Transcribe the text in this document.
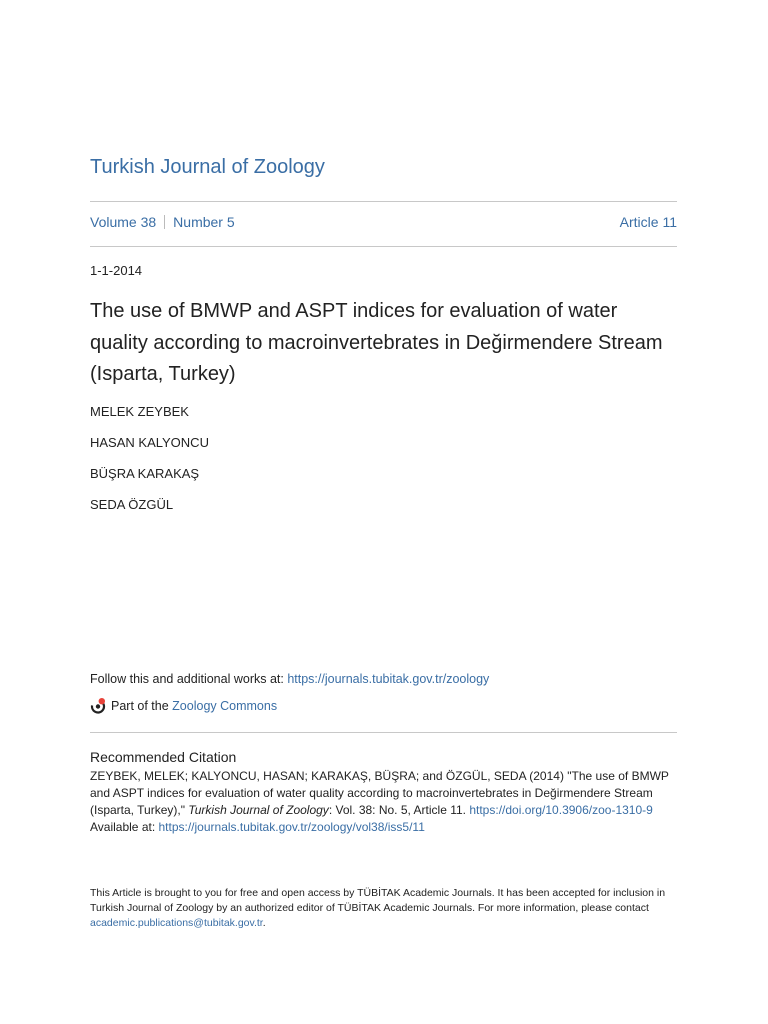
Turkish Journal of Zoology
Volume 38 Number 5	Article 11
1-1-2014
The use of BMWP and ASPT indices for evaluation of water quality according to macroinvertebrates in Değirmendere Stream (Isparta, Turkey)
MELEK ZEYBEK
HASAN KALYONCU
BÜŞRA KARAKAŞ
SEDA ÖZGÜL
Follow this and additional works at: https://journals.tubitak.gov.tr/zoology
Part of the
Zoology Commons
Recommended Citation
ZEYBEK, MELEK; KALYONCU, HASAN; KARAKAŞ, BÜŞRA; and ÖZGÜL, SEDA (2014) "The use of BMWP and ASPT indices for evaluation of water quality according to macroinvertebrates in Değirmendere Stream (Isparta, Turkey)," Turkish Journal of Zoology: Vol. 38: No. 5, Article 11. https://doi.org/10.3906/zoo-1310-9
Available at: https://journals.tubitak.gov.tr/zoology/vol38/iss5/11
This Article is brought to you for free and open access by TÜBİTAK Academic Journals. It has been accepted for inclusion in Turkish Journal of Zoology by an authorized editor of TÜBİTAK Academic Journals. For more information, please contact academic.publications@tubitak.gov.tr.
